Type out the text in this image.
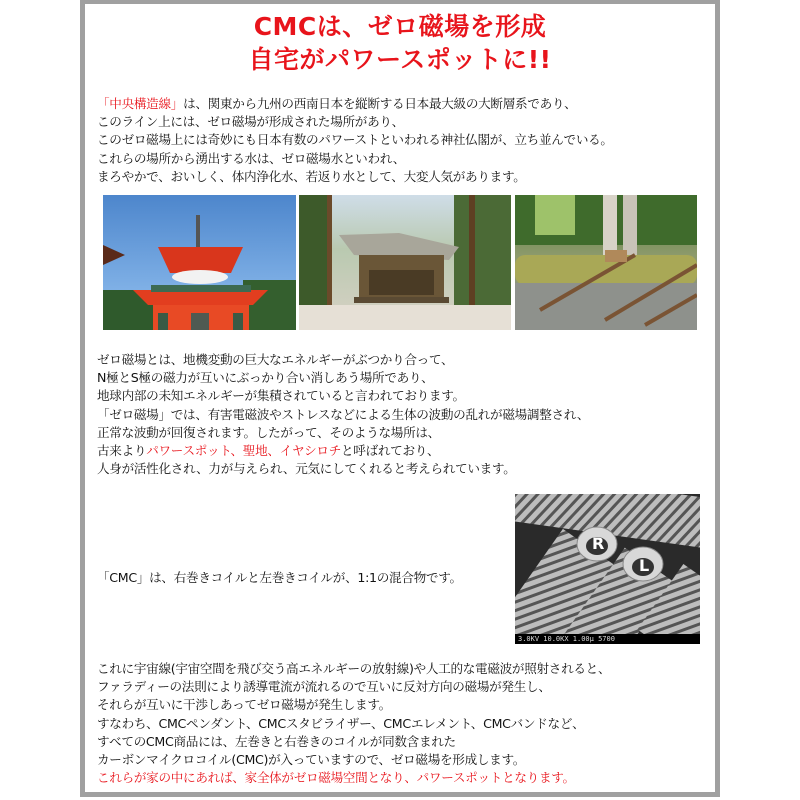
CMCは、ゼロ磁場を形成
自宅がパワースポットに!!
「中央構造線」は、関東から九州の西南日本を縦断する日本最大級の大断層系であり、
このライン上には、ゼロ磁場が形成された場所があり、
このゼロ磁場上には奇妙にも日本有数のパワーストといわれる神社仏閣が、立ち並んでいる。
これらの場所から湧出する水は、ゼロ磁場水といわれ、
まろやかで、おいしく、体内浄化水、若返り水として、大変人気があります。
ゼロ磁場とは、地機変動の巨大なエネルギーがぶつかり合って、
N極とS極の磁力が互いにぶっかり合い消しあう場所であり、
地球内部の未知エネルギーが集積されていると言われております。
「ゼロ磁場」では、有害電磁波やストレスなどによる生体の波動の乱れが磁場調整され、
正常な波動が回復されます。したがって、そのような場所は、
古来よりパワースポット、聖地、イヤシロチと呼ばれており、
人身が活性化され、力が与えられ、元気にしてくれると考えられています。
「CMC」は、右巻きコイルと左巻きコイルが、1:1の混合物です。
R
L
3.0KV 10.0KX 1.00μ 5700
これに宇宙線(宇宙空間を飛び交う高エネルギーの放射線)や人工的な電磁波が照射されると、
ファラディーの法則により誘導電流が流れるので互いに反対方向の磁場が発生し、
それらが互いに干渉しあってゼロ磁場が発生します。
すなわち、CMCペンダント、CMCスタビライザー、CMCエレメント、CMCバンドなど、
すべてのCMC商品には、左巻きと右巻きのコイルが同数含まれた
カーボンマイクロコイル(CMC)が入っていますので、ゼロ磁場を形成します。
これらが家の中にあれば、家全体がゼロ磁場空間となり、パワースポットとなります。
